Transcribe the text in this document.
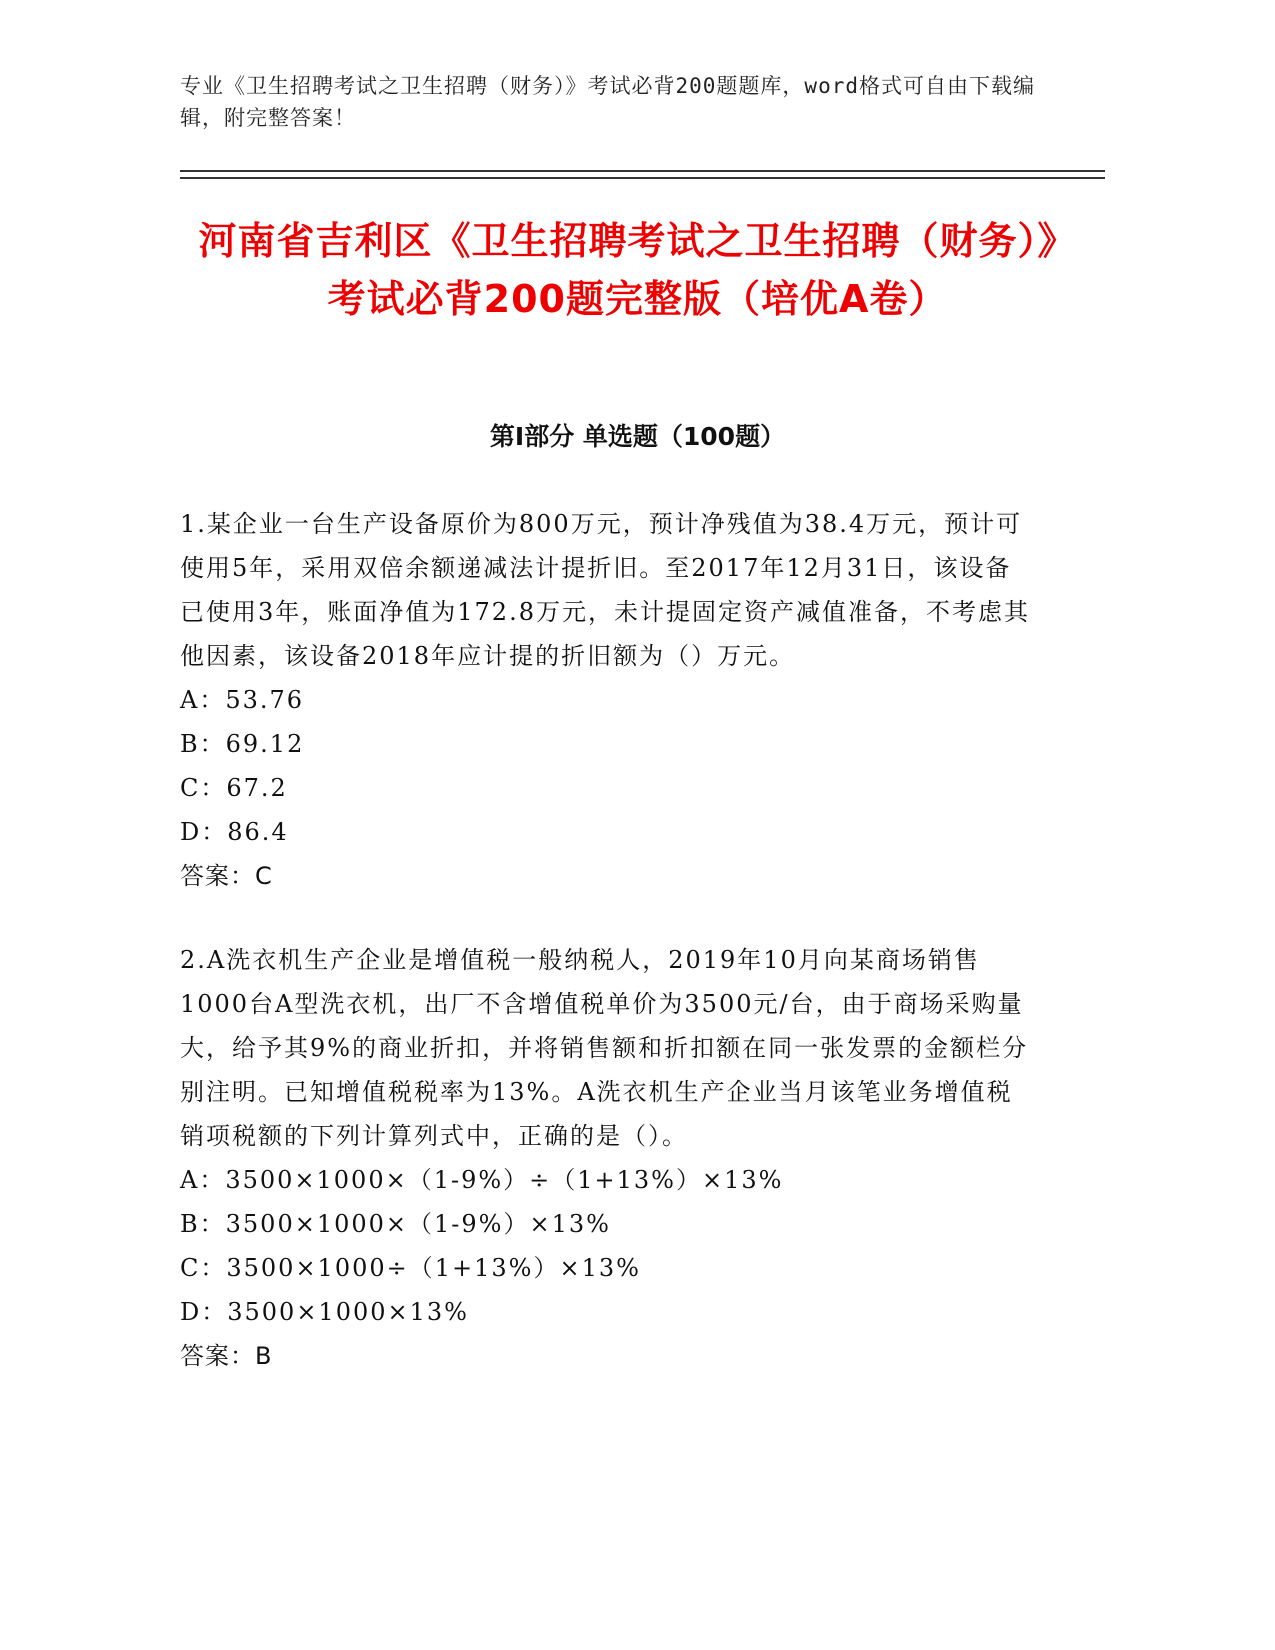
专业《卫生招聘考试之卫生招聘（财务）》考试必背200题题库，word格式可自由下载编辑，附完整答案！
河南省吉利区《卫生招聘考试之卫生招聘（财务）》考试必背200题完整版（培优A卷）
第I部分 单选题（100题）

1.某企业一台生产设备原价为800万元，预计净残值为38.4万元，预计可使用5年，采用双倍余额递减法计提折旧。至2017年12月31日，该设备已使用3年，账面净值为172.8万元，未计提固定资产减值准备，不考虑其他因素，该设备2018年应计提的折旧额为（）万元。

A：53.76
B：69.12
C：67.2
D：86.4

答案：C

2.A洗衣机生产企业是增值税一般纳税人，2019年10月向某商场销售1000台A型洗衣机，出厂不含增值税单价为3500元/台，由于商场采购量大，给予其9%的商业折扣，并将销售额和折扣额在同一张发票的金额栏分别注明。已知增值税税率为13%。A洗衣机生产企业当月该笔业务增值税销项税额的下列计算列式中，正确的是（）。

A：3500×1000×（1-9%）÷（1+13%）×13%
B：3500×1000×（1-9%）×13%
C：3500×1000÷（1+13%）×13%
D：3500×1000×13%

答案：B
